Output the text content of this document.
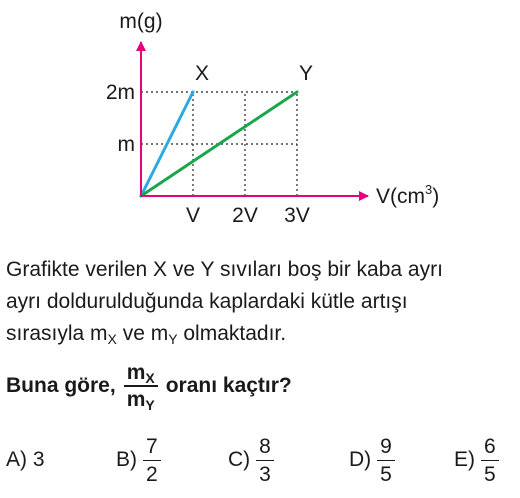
X	Y
m(g)
$V(cm^3)$
V 2V 3V
m
2m

Grafikte verilen X ve Y sıvıları boş bir kaba ayrı

ayrı doldurulduğunda kaplardaki kütle artışı

sırasıyla $m_X$ ve $m_Y$ olmaktadır.

Buna göre, $\frac{m_X}{m_Y}$ oranı kaçtır?
A) 3	$B) \frac{7}{2}$	$C) \frac{8}{3}$	$D) \frac{9}{5}$	$E) \frac{6}{5}$
